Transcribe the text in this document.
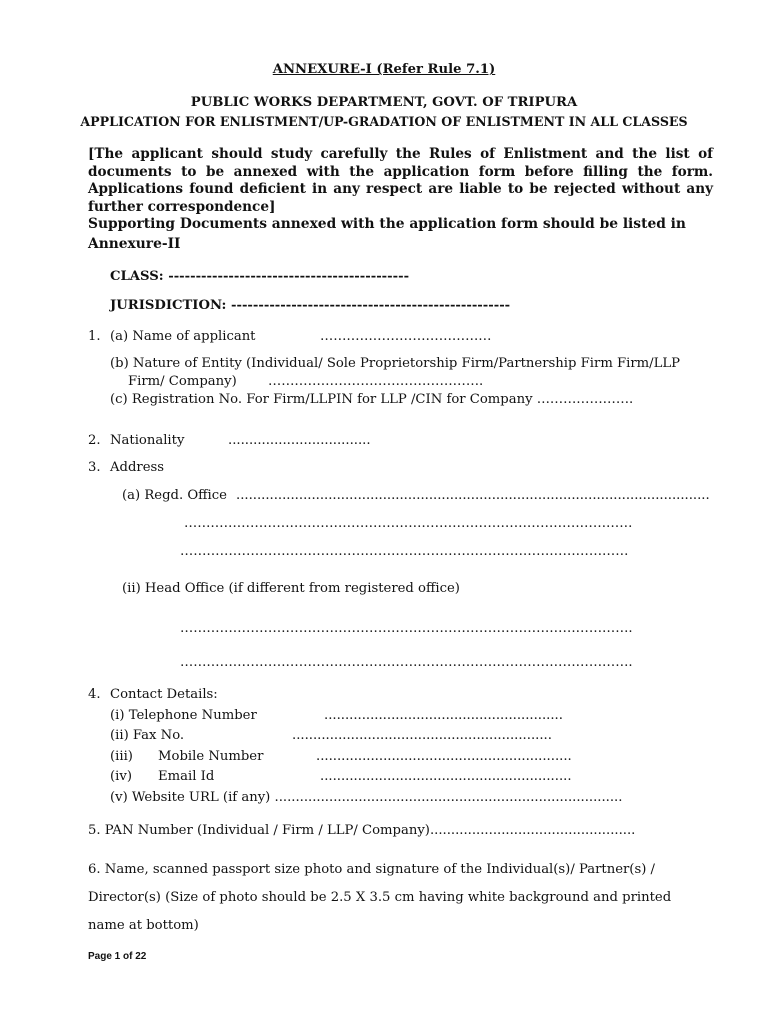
ANNEXURE-I (Refer Rule 7.1)
PUBLIC WORKS DEPARTMENT, GOVT. OF TRIPURA
APPLICATION FOR ENLISTMENT/UP-GRADATION OF ENLISTMENT IN ALL CLASSES
[The applicant should study carefully the Rules of Enlistment and the list of documents to be annexed with the application form before filling the form. Applications found deficient in any respect are liable to be rejected without any further correspondence]
Supporting Documents annexed with the application form should be listed in
Annexure-II
CLASS: --------------------------------------------
JURISDICTION: ---------------------------------------------------
1. (a) Name of applicant	…………………………………
(b) Nature of Entity (Individual/ Sole Proprietorship Firm/Partnership Firm Firm/LLP
Firm/ Company) ………………………………………….
(c) Registration No. For Firm/LLPIN for LLP /CIN for Company ………………….
2. Nationality	..................................
3. Address
(a) Regd. Office .................................................................................................................
…………………………………………………………………………………………
…………………………………………………………………………………………
(ii) Head Office (if different from registered office)
………………………………………………………………………………………….
………………………………………………………………………………………….
4. Contact Details:
(i) Telephone Number	.........................................................
(ii) Fax No.	..............................................................
(iii) Mobile Number	.............................................................
(iv) Email Id	............................................................
(v) Website URL (if any) ...................................................................................
5. PAN Number (Individual / Firm / LLP/ Company).................................................
6. Name, scanned passport size photo and signature of the Individual(s)/ Partner(s) /
Director(s) (Size of photo should be 2.5 X 3.5 cm having white background and printed
name at bottom)
Page 1 of 22
